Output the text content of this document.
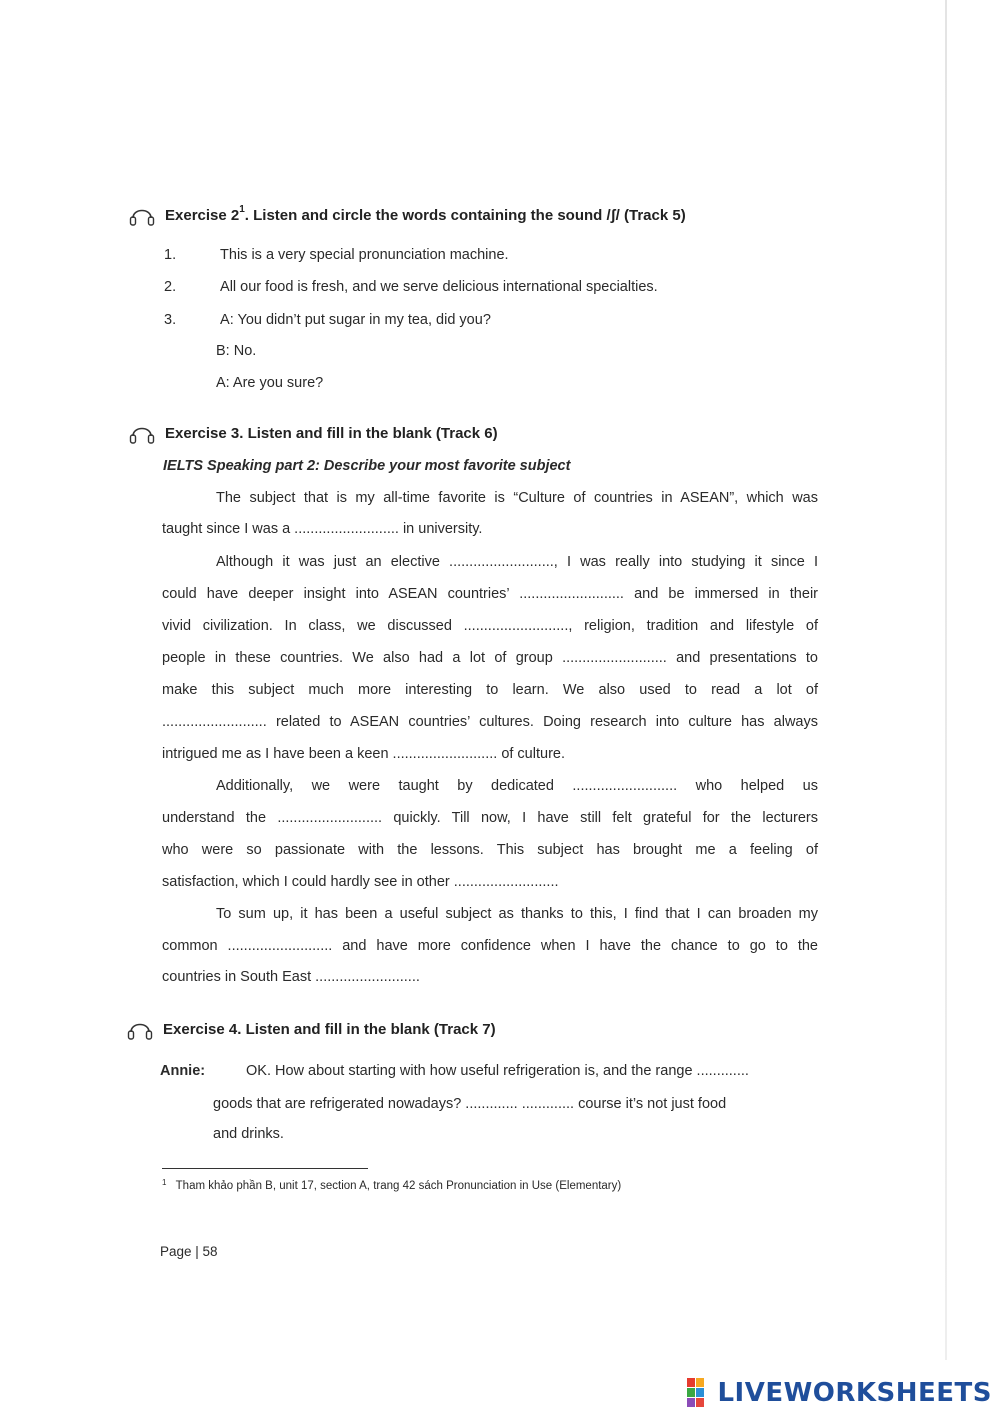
Exercise 2 1 . Listen and circle the words containing the sound /ʃ/ (Track 5)
1.	This is a very special pronunciation machine.
2.	All our food is fresh, and we serve delicious international specialties.
3.	A: You didn’t put sugar in my tea, did you?
B: No.
A: Are you sure?
Exercise 3. Listen and fill in the blank (Track 6)
IELTS Speaking part 2: Describe your most favorite subject
The subject that is my all-time favorite is “Culture of countries in ASEAN”, which was
taught since I was a .......................... in university.
Although it was just an elective .........................., I was really into studying it since I
could have deeper insight into ASEAN countries’ .......................... and be immersed in their
vivid civilization. In class, we discussed .........................., religion, tradition and lifestyle of
people in these countries. We also had a lot of group .......................... and presentations to
make this subject much more interesting to learn. We also used to read a lot of
.......................... related to ASEAN countries’ cultures. Doing research into culture has always
intrigued me as I have been a keen .......................... of culture.
Additionally, we were taught by dedicated .......................... who helped us
understand the .......................... quickly. Till now, I have still felt grateful for the lecturers
who were so passionate with the lessons. This subject has brought me a feeling of
satisfaction, which I could hardly see in other ..........................
To sum up, it has been a useful subject as thanks to this, I find that I can broaden my
common .......................... and have more confidence when I have the chance to go to the
countries in South East ..........................
Exercise 4. Listen and fill in the blank (Track 7)
Annie:	OK. How about starting with how useful refrigeration is, and the range .............
goods that are refrigerated nowadays? ............. ............. course it’s not just food
and drinks.
$^1$ Tham khảo phần B, unit 17, section A, trang 42 sách Pronunciation in Use (Elementary)
Page | 58
LIVEWORKSHEETS
